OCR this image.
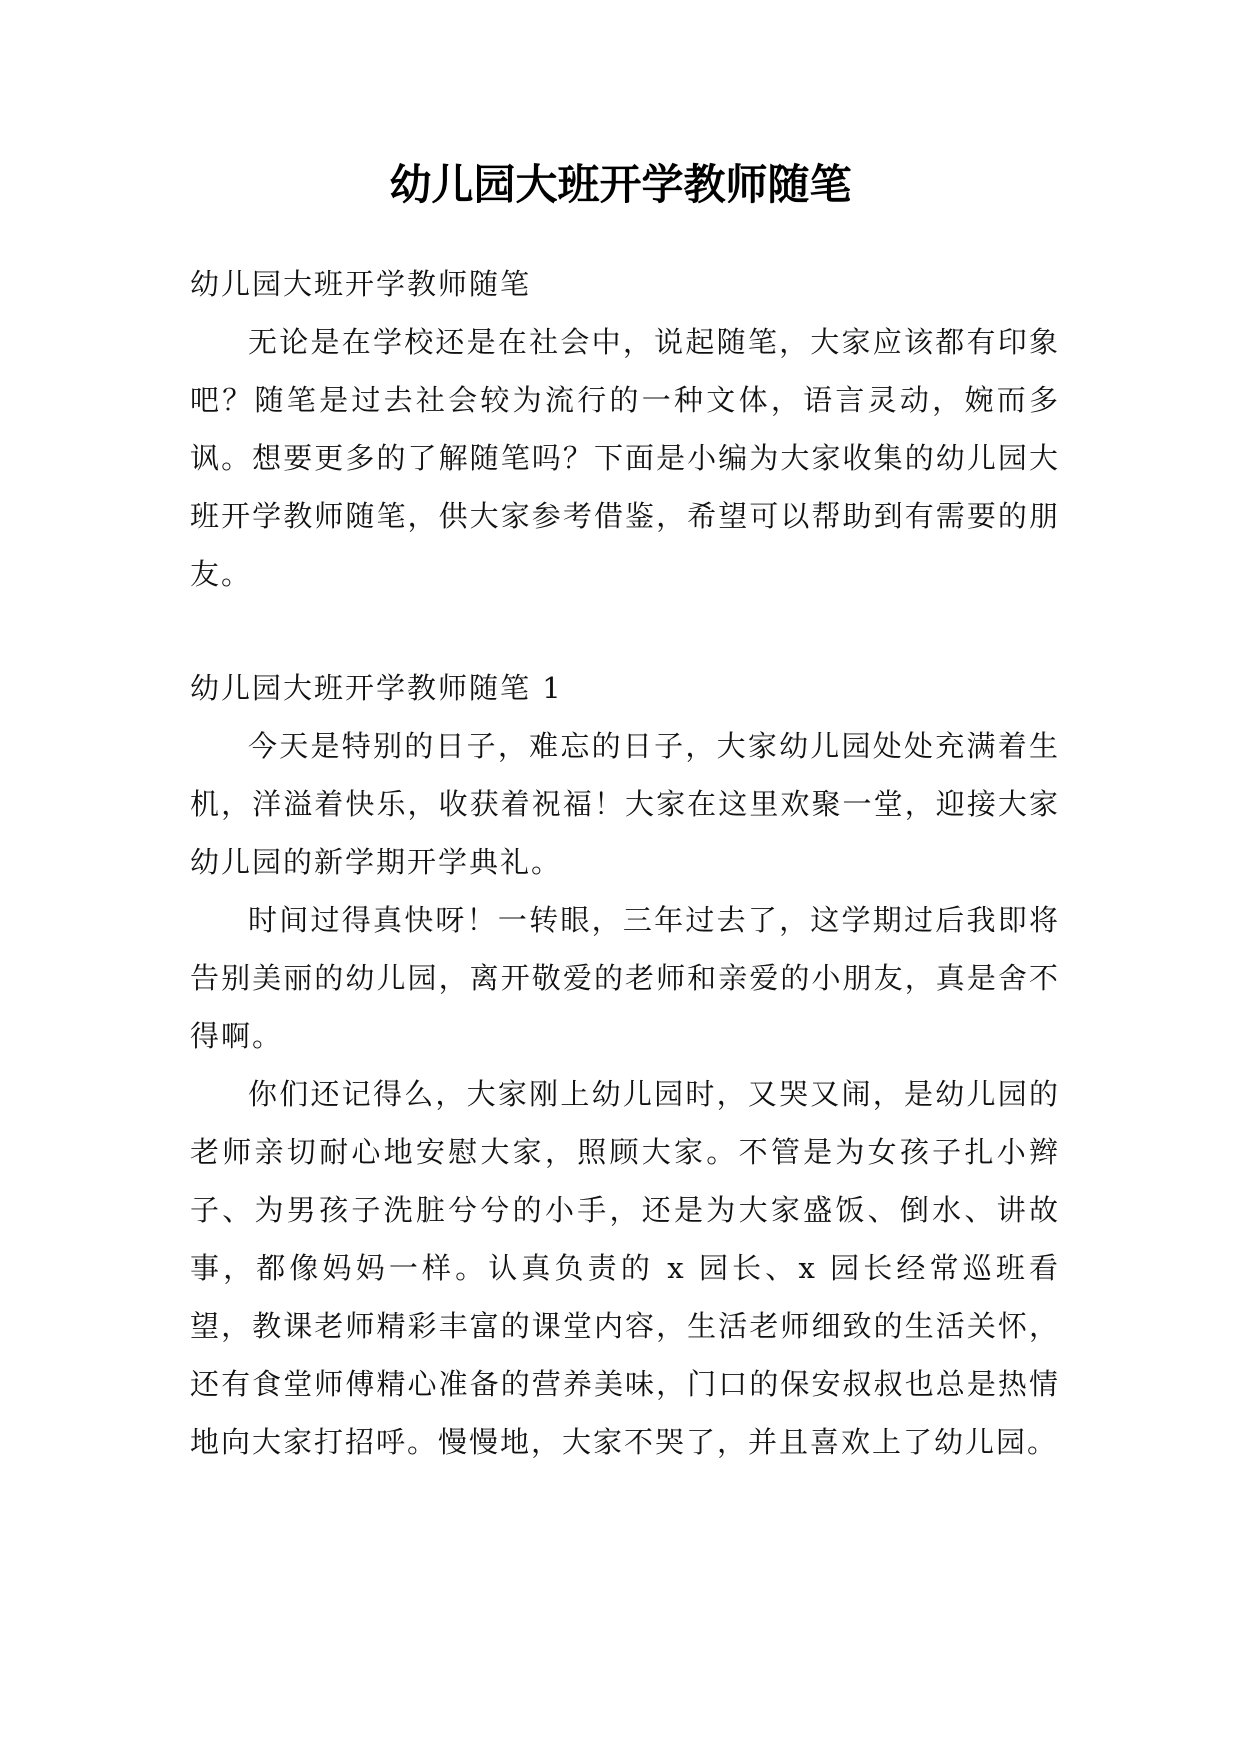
幼儿园大班开学教师随笔

幼儿园大班开学教师随笔

无论是在学校还是在社会中，说起随笔，大家应该都有印象吧？随笔是过去社会较为流行的一种文体，语言灵动，婉而多讽。想要更多的了解随笔吗？下面是小编为大家收集的幼儿园大班开学教师随笔，供大家参考借鉴，希望可以帮助到有需要的朋友。

幼儿园大班开学教师随笔 1

今天是特别的日子，难忘的日子，大家幼儿园处处充满着生机，洋溢着快乐，收获着祝福！大家在这里欢聚一堂，迎接大家幼儿园的新学期开学典礼。

时间过得真快呀！一转眼，三年过去了，这学期过后我即将告别美丽的幼儿园，离开敬爱的老师和亲爱的小朋友，真是舍不得啊。

你们还记得么，大家刚上幼儿园时，又哭又闹，是幼儿园的老师亲切耐心地安慰大家，照顾大家。不管是为女孩子扎小辫子、为男孩子洗脏兮兮的小手，还是为大家盛饭、倒水、讲故事，都像妈妈一样。认真负责的 x 园长、x 园长经常巡班看望，教课老师精彩丰富的课堂内容，生活老师细致的生活关怀，还有食堂师傅精心准备的营养美味，门口的保安叔叔也总是热情地向大家打招呼。慢慢地，大家不哭了，并且喜欢上了幼儿园。
